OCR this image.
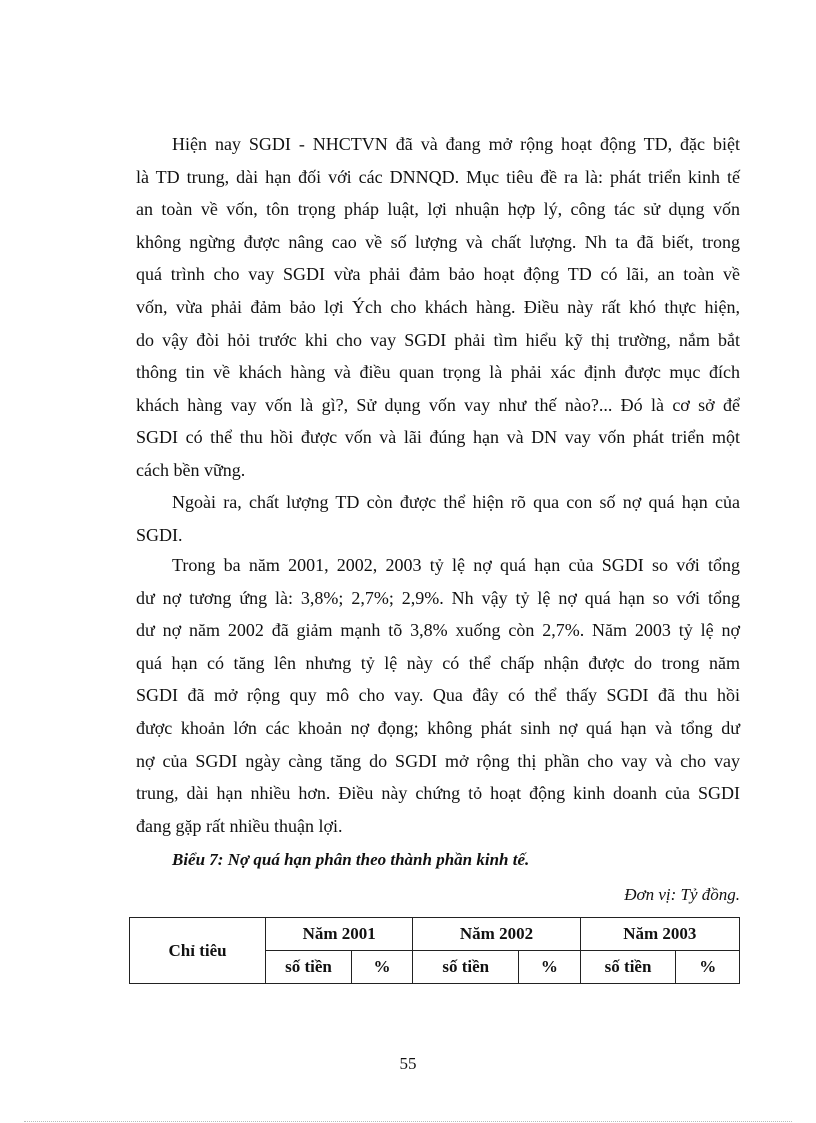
Hiện nay SGDI - NHCTVN đã và đang mở rộng hoạt động TD, đặc biệt
là TD trung, dài hạn đối với các DNNQD. Mục tiêu đề ra là: phát triển kinh tế
an toàn về vốn, tôn trọng pháp luật, lợi nhuận hợp lý, công tác sử dụng vốn
không ngừng được nâng cao về số lượng và chất lượng. Nh ta đã biết, trong
quá trình cho vay SGDI vừa phải đảm bảo hoạt động TD có lãi, an toàn về
vốn, vừa phải đảm bảo lợi Ých cho khách hàng. Điều này rất khó thực hiện,
do vậy đòi hỏi trước khi cho vay SGDI phải tìm hiểu kỹ thị trường, nắm bắt
thông tin về khách hàng và điều quan trọng là phải xác định được mục đích
khách hàng vay vốn là gì?, Sử dụng vốn vay như thế nào?... Đó là cơ sở để
SGDI có thể thu hồi được vốn và lãi đúng hạn và DN vay vốn phát triển một
cách bền vững.
Ngoài ra, chất lượng TD còn được thể hiện rõ qua con số nợ quá hạn của
SGDI.
Trong ba năm 2001, 2002, 2003 tỷ lệ nợ quá hạn của SGDI so với tổng
dư nợ tương ứng là: 3,8%; 2,7%; 2,9%. Nh vậy tỷ lệ nợ quá hạn so với tổng
dư nợ năm 2002 đã giảm mạnh tõ 3,8% xuống còn 2,7%. Năm 2003 tỷ lệ nợ
quá hạn có tăng lên nhưng tỷ lệ này có thể chấp nhận được do trong năm
SGDI đã mở rộng quy mô cho vay. Qua đây có thể thấy SGDI đã thu hồi
được khoản lớn các khoản nợ đọng; không phát sinh nợ quá hạn và tổng dư
nợ của SGDI ngày càng tăng do SGDI mở rộng thị phần cho vay và cho vay
trung, dài hạn nhiều hơn. Điều này chứng tỏ hoạt động kinh doanh của SGDI
đang gặp rất nhiều thuận lợi.
Biểu 7: Nợ quá hạn phân theo thành phần kinh tế.
Đơn vị: Tỷ đồng.
Chỉ tiêu	Năm 2001		Năm 2002		Năm 2003	
	số tiền	%	số tiền	%	số tiền	%
55
